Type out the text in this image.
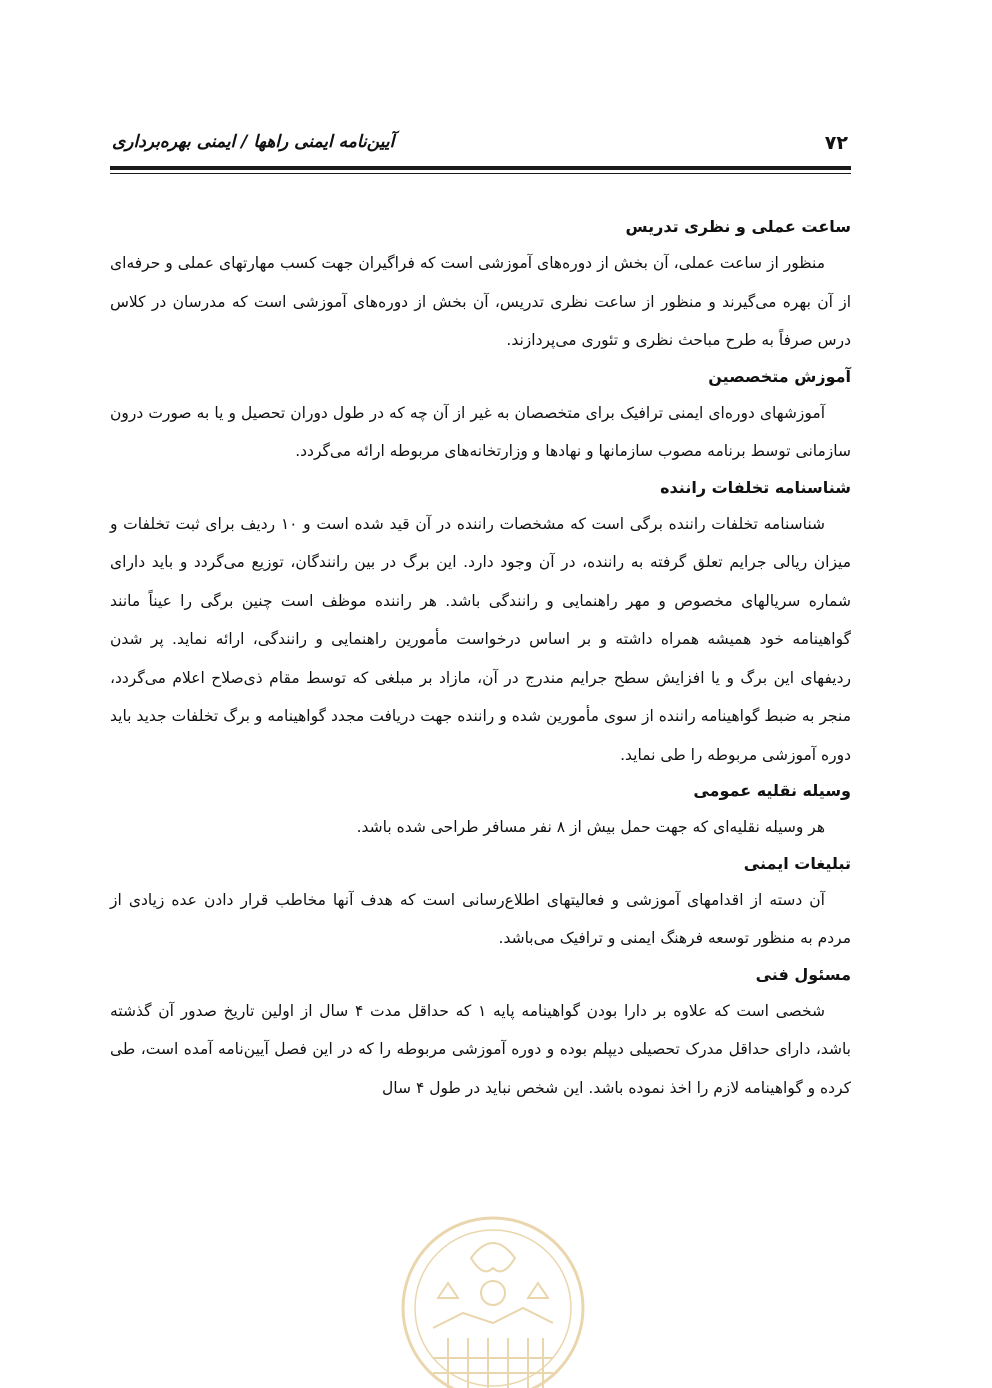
۷۲
آیین‌نامه ایمنی راهها / ایمنی بهره‌برداری
ساعت عملی و نظری تدریس

منظور از ساعت عملی، آن بخش از دوره‌های آموزشی است که فراگیران جهت کسب مهارتهای عملی و حرفه‌ای از آن بهره می‌گیرند و منظور از ساعت نظری تدریس، آن بخش از دوره‌های آموزشی است که مدرسان در کلاس درس صرفاً به طرح مباحث نظری و تئوری می‌پردازند.

آموزش متخصصین

آموزشهای دوره‌ای ایمنی ترافیک برای متخصصان به غیر از آن چه که در طول دوران تحصیل و یا به صورت درون سازمانی توسط برنامه مصوب سازمانها و نهادها و وزارتخانه‌های مربوطه ارائه می‌گردد.

شناسنامه تخلفات راننده

شناسنامه تخلفات راننده برگی است که مشخصات راننده در آن قید شده است و ۱۰ ردیف برای ثبت تخلفات و میزان ریالی جرایم تعلق گرفته به راننده، در آن وجود دارد. این برگ در بین رانندگان، توزیع می‌گردد و باید دارای شماره سریالهای مخصوص و مهر راهنمایی و رانندگی باشد. هر راننده موظف است چنین برگی را عیناً مانند گواهینامه خود همیشه همراه داشته و بر اساس درخواست مأمورین راهنمایی و رانندگی، ارائه نماید. پر شدن ردیفهای این برگ و یا افزایش سطح جرایم مندرج در آن، مازاد بر مبلغی که توسط مقام ذی‌صلاح اعلام می‌گردد، منجر به ضبط گواهینامه راننده از سوی مأمورین شده و راننده جهت دریافت مجدد گواهینامه و برگ تخلفات جدید باید دوره آموزشی مربوطه را طی نماید.

وسیله نقلیه عمومی

هر وسیله نقلیه‌ای که جهت حمل بیش از ۸ نفر مسافر طراحی شده باشد.

تبلیغات ایمنی

آن دسته از اقدامهای آموزشی و فعالیتهای اطلاع‌رسانی است که هدف آنها مخاطب قرار دادن عده زیادی از مردم به منظور توسعه فرهنگ ایمنی و ترافیک می‌باشد.

مسئول فنی

شخصی است که علاوه بر دارا بودن گواهینامه پایه ۱ که حداقل مدت ۴ سال از اولین تاریخ صدور آن گذشته باشد، دارای حداقل مدرک تحصیلی دیپلم بوده و دوره آموزشی مربوطه را که در این فصل آیین‌نامه آمده است، طی کرده و گواهینامه لازم را اخذ نموده باشد. این شخص نباید در طول ۴ سال
